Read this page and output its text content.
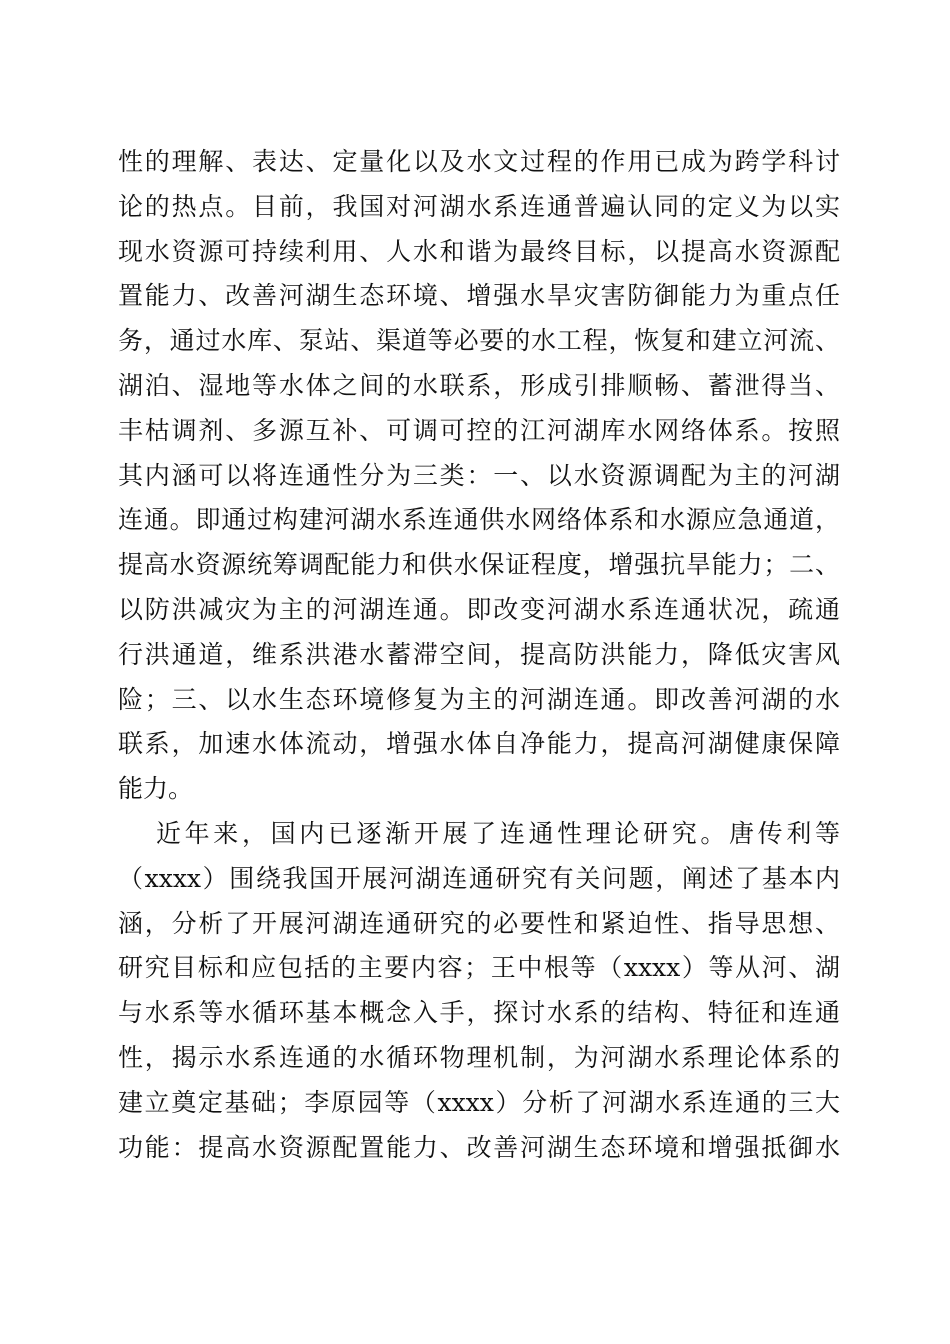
性的理解、表达、定量化以及水文过程的作用已成为跨学科讨
论的热点。目前，我国对河湖水系连通普遍认同的定义为以实
现水资源可持续利用、人水和谐为最终目标，以提高水资源配
置能力、改善河湖生态环境、增强水旱灾害防御能力为重点任
务，通过水库、泵站、渠道等必要的水工程，恢复和建立河流、
湖泊、湿地等水体之间的水联系，形成引排顺畅、蓄泄得当、
丰枯调剂、多源互补、可调可控的江河湖库水网络体系。按照
其内涵可以将连通性分为三类：一、以水资源调配为主的河湖
连通。即通过构建河湖水系连通供水网络体系和水源应急通道，
提高水资源统筹调配能力和供水保证程度，增强抗旱能力；二、
以防洪减灾为主的河湖连通。即改变河湖水系连通状况，疏通
行洪通道，维系洪港水蓄滞空间，提高防洪能力，降低灾害风
险；三、以水生态环境修复为主的河湖连通。即改善河湖的水
联系，加速水体流动，增强水体自净能力，提高河湖健康保障
能力。
近年来，国内已逐渐开展了连通性理论研究。唐传利等
（xxxx）围绕我国开展河湖连通研究有关问题，阐述了基本内
涵，分析了开展河湖连通研究的必要性和紧迫性、指导思想、
研究目标和应包括的主要内容；王中根等（xxxx）等从河、湖
与水系等水循环基本概念入手，探讨水系的结构、特征和连通
性，揭示水系连通的水循环物理机制，为河湖水系理论体系的
建立奠定基础；李原园等（xxxx）分析了河湖水系连通的三大
功能：提高水资源配置能力、改善河湖生态环境和增强抵御水
